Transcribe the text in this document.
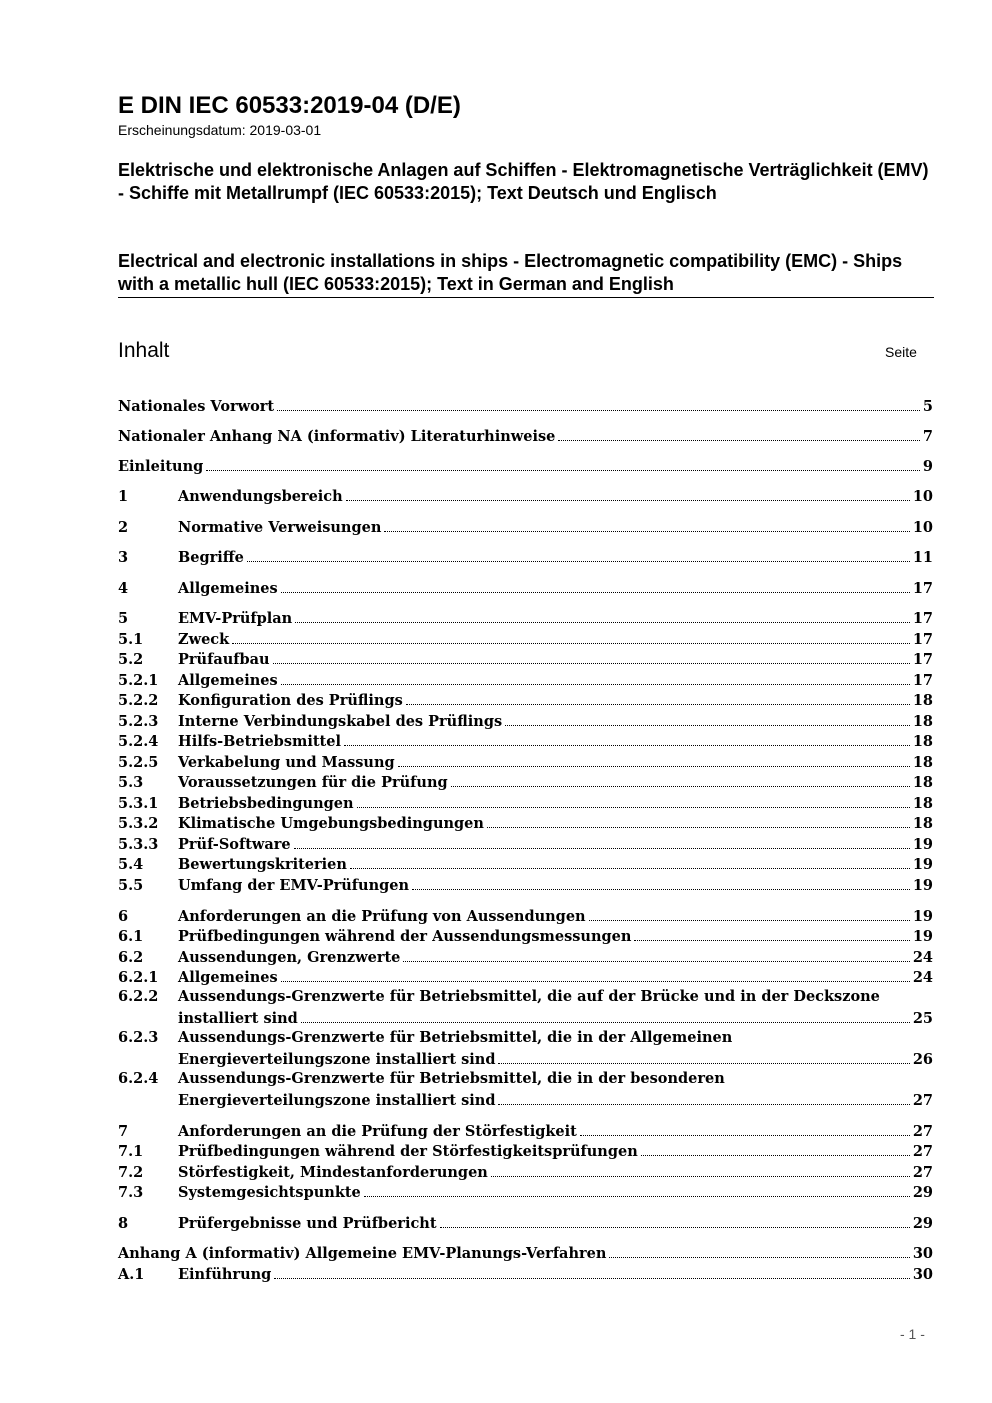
E DIN IEC 60533:2019-04 (D/E)
Erscheinungsdatum: 2019-03-01

Elektrische und elektronische Anlagen auf Schiffen - Elektromagnetische Verträglichkeit (EMV) - Schiffe mit Metallrumpf (IEC 60533:2015); Text Deutsch und Englisch

Electrical and electronic installations in ships - Electromagnetic compatibility (EMC) - Ships with a metallic hull (IEC 60533:2015); Text in German and English

Inhalt	Seite
Nationales Vorwort	5
Nationaler Anhang NA (informativ) Literaturhinweise	7
Einleitung	9
1	Anwendungsbereich	10
2	Normative Verweisungen	10
3	Begriffe	11
4	Allgemeines	17
5	EMV-Prüfplan	17
5.1	Zweck	17
5.2	Prüfaufbau	17
5.2.1	Allgemeines	17
5.2.2	Konfiguration des Prüflings	18
5.2.3	Interne Verbindungskabel des Prüflings	18
5.2.4	Hilfs-Betriebsmittel	18
5.2.5	Verkabelung und Massung	18
5.3	Voraussetzungen für die Prüfung	18
5.3.1	Betriebsbedingungen	18
5.3.2	Klimatische Umgebungsbedingungen	18
5.3.3	Prüf-Software	19
5.4	Bewertungskriterien	19
5.5	Umfang der EMV-Prüfungen	19
6	Anforderungen an die Prüfung von Aussendungen	19
6.1	Prüfbedingungen während der Aussendungsmessungen	19
6.2	Aussendungen, Grenzwerte	24
6.2.1	Allgemeines	24
6.2.2	Aussendungs-Grenzwerte für Betriebsmittel, die auf der Brücke und in der Deckszone
installiert sind	25
6.2.3	Aussendungs-Grenzwerte für Betriebsmittel, die in der Allgemeinen
Energieverteilungszone installiert sind	26
6.2.4	Aussendungs-Grenzwerte für Betriebsmittel, die in der besonderen
Energieverteilungszone installiert sind	27
7	Anforderungen an die Prüfung der Störfestigkeit	27
7.1	Prüfbedingungen während der Störfestigkeitsprüfungen	27
7.2	Störfestigkeit, Mindestanforderungen	27
7.3	Systemgesichtspunkte	29
8	Prüfergebnisse und Prüfbericht	29
Anhang A (informativ) Allgemeine EMV-Planungs-Verfahren	30
A.1	Einführung	30
- 1 -
